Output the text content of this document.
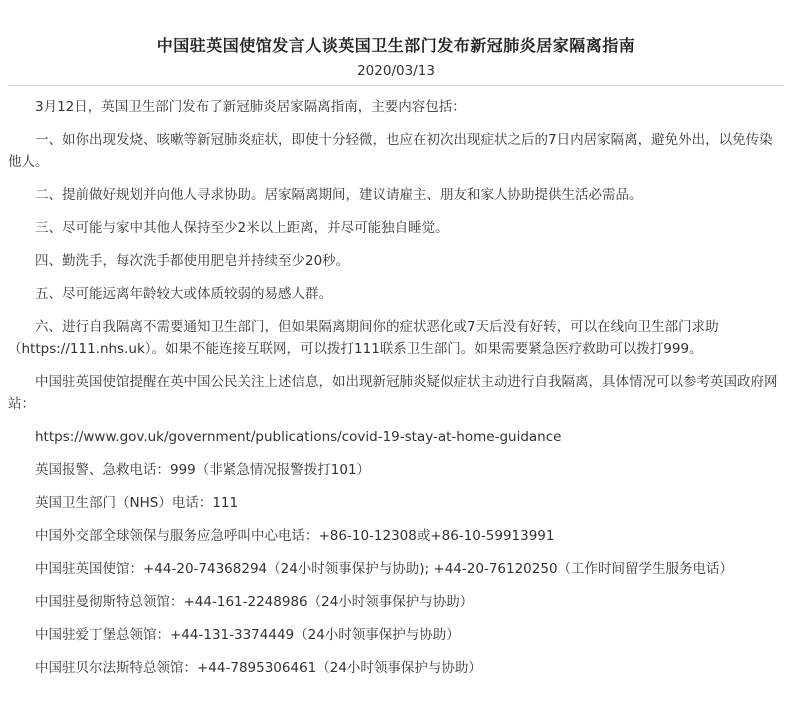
中国驻英国使馆发言人谈英国卫生部门发布新冠肺炎居家隔离指南
2020/03/13

3月12日，英国卫生部门发布了新冠肺炎居家隔离指南，主要内容包括：

一、如你出现发烧、咳嗽等新冠肺炎症状，即使十分轻微，也应在初次出现症状之后的7日内居家隔离，避免外出，以免传染他人。

二、提前做好规划并向他人寻求协助。居家隔离期间，建议请雇主、朋友和家人协助提供生活必需品。

三、尽可能与家中其他人保持至少2米以上距离，并尽可能独自睡觉。

四、勤洗手，每次洗手都使用肥皂并持续至少20秒。

五、尽可能远离年龄较大或体质较弱的易感人群。

六、进行自我隔离不需要通知卫生部门，但如果隔离期间你的症状恶化或7天后没有好转，可以在线向卫生部门求助（https://111.nhs.uk）。如果不能连接互联网，可以拨打111联系卫生部门。如果需要紧急医疗救助可以拨打999。

中国驻英国使馆提醒在英中国公民关注上述信息，如出现新冠肺炎疑似症状主动进行自我隔离，具体情况可以参考英国政府网站：

https://www.gov.uk/government/publications/covid-19-stay-at-home-guidance

英国报警、急救电话：999（非紧急情况报警拨打101）

英国卫生部门（NHS）电话：111

中国外交部全球领保与服务应急呼叫中心电话：+86-10-12308或+86-10-59913991

中国驻英国使馆：+44-20-74368294（24小时领事保护与协助); +44-20-76120250（工作时间留学生服务电话）

中国驻曼彻斯特总领馆：+44-161-2248986（24小时领事保护与协助）

中国驻爱丁堡总领馆：+44-131-3374449（24小时领事保护与协助）

中国驻贝尔法斯特总领馆：+44-7895306461（24小时领事保护与协助）
